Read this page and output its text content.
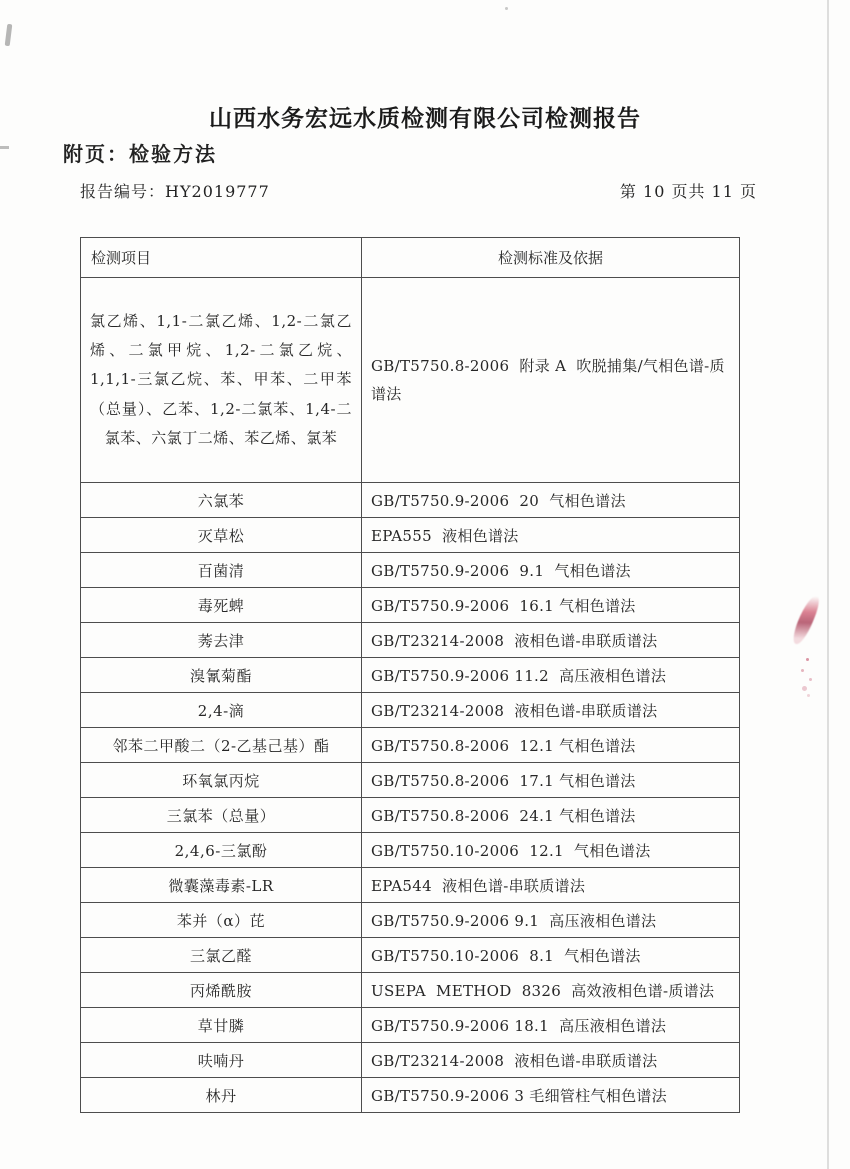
山西水务宏远水质检测有限公司检测报告
附页：检验方法
报告编号：HY2019777	第 10 页共 11 页
检测项目	检测标准及依据
氯乙烯、1,1-二氯乙烯、1,2-二氯乙烯、二氯甲烷、1,2-二氯乙烷、1,1,1-三氯乙烷、苯、甲苯、二甲苯（总量）、乙苯、1,2-二氯苯、1,4-二氯苯、六氯丁二烯、苯乙烯、氯苯	GB/T5750.8-2006  附录 A  吹脱捕集/气相色谱-质谱法
六氯苯	GB/T5750.9-2006  20  气相色谱法
灭草松	EPA555  液相色谱法
百菌清	GB/T5750.9-2006  9.1  气相色谱法
毒死蜱	GB/T5750.9-2006  16.1 气相色谱法
莠去津	GB/T23214-2008  液相色谱-串联质谱法
溴氰菊酯	GB/T5750.9-2006 11.2  高压液相色谱法
2,4-滴	GB/T23214-2008  液相色谱-串联质谱法
邻苯二甲酸二（2-乙基己基）酯	GB/T5750.8-2006  12.1 气相色谱法
环氧氯丙烷	GB/T5750.8-2006  17.1 气相色谱法
三氯苯（总量）	GB/T5750.8-2006  24.1 气相色谱法
2,4,6-三氯酚	GB/T5750.10-2006  12.1  气相色谱法
微囊藻毒素-LR	EPA544  液相色谱-串联质谱法
苯并（α）芘	GB/T5750.9-2006 9.1  高压液相色谱法
三氯乙醛	GB/T5750.10-2006  8.1  气相色谱法
丙烯酰胺	USEPA  METHOD  8326  高效液相色谱-质谱法
草甘膦	GB/T5750.9-2006 18.1  高压液相色谱法
呋喃丹	GB/T23214-2008  液相色谱-串联质谱法
林丹	GB/T5750.9-2006 3 毛细管柱气相色谱法
